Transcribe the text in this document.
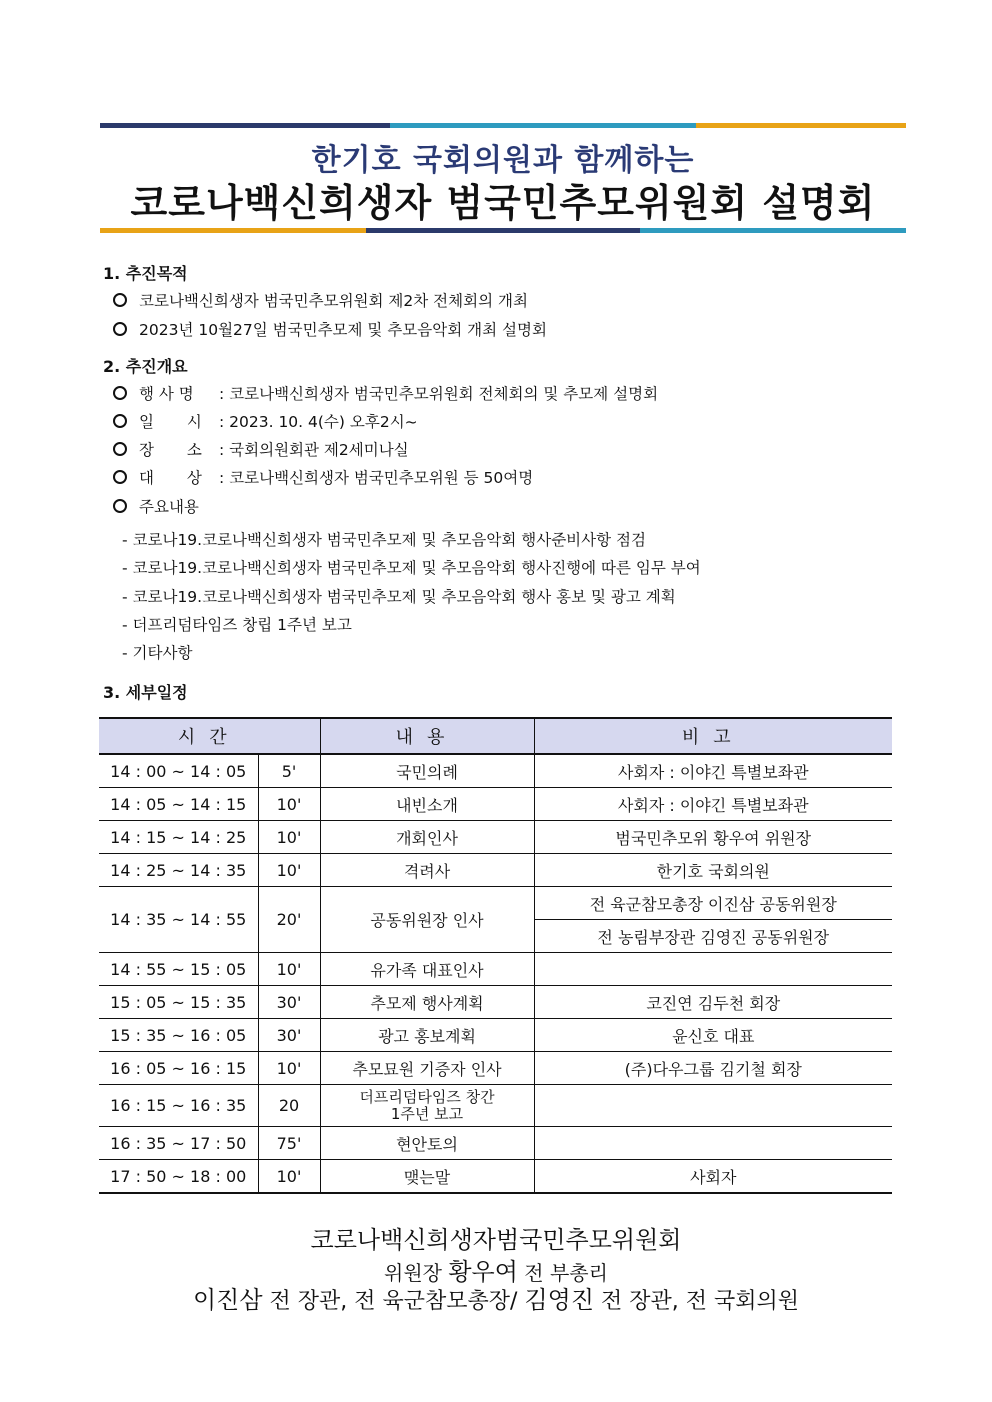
한기호 국회의원과 함께하는
코로나백신희생자 범국민추모위원회 설명회
1. 추진목적
코로나백신희생자 범국민추모위원회 제2차 전체회의 개최
2023년 10월27일 범국민추모제 및 추모음악회 개최 설명회
2. 추진개요
행 사 명 : 코로나백신희생자 범국민추모위원회 전체회의 및 추모제 설명회
일 시 : 2023. 10. 4(수) 오후2시~
장 소 : 국회의원회관 제2세미나실
대 상 : 코로나백신희생자 범국민추모위원 등 50여명
주요내용
- 코로나19.코로나백신희생자 범국민추모제 및 추모음악회 행사준비사항 점검
- 코로나19.코로나백신희생자 범국민추모제 및 추모음악회 행사진행에 따른 임무 부여
- 코로나19.코로나백신희생자 범국민추모제 및 추모음악회 행사 홍보 및 광고 계획
- 더프리덤타임즈 창립 1주년 보고
- 기타사항
3. 세부일정
시간		내용	비고
14 : 00 ~ 14 : 05	5'	국민의례	사회자 : 이야긴 특별보좌관
14 : 05 ~ 14 : 15	10'	내빈소개	사회자 : 이야긴 특별보좌관
14 : 15 ~ 14 : 25	10'	개회인사	범국민추모위 황우여 위원장
14 : 25 ~ 14 : 35	10'	격려사	한기호 국회의원
14 : 35 ~ 14 : 55	20'	공동위원장 인사	전 육군참모총장 이진삼 공동위원장
			전 농림부장관 김영진 공동위원장
14 : 55 ~ 15 : 05	10'	유가족 대표인사	
15 : 05 ~ 15 : 35	30'	추모제 행사계획	코진연 김두천 회장
15 : 35 ~ 16 : 05	30'	광고 홍보계획	윤신호 대표
16 : 05 ~ 16 : 15	10'	추모묘원 기증자 인사	(주)다우그룹 김기철 회장
16 : 15 ~ 16 : 35	20	더프리덤타임즈 창간
1주년 보고	

16 : 35 ~ 17 : 50	75'	현안토의	
17 : 50 ~ 18 : 00	10'	맺는말	사회자
코로나백신희생자범국민추모위원회
위원장 황우여 전 부총리
이진삼 전 장관, 전 육군참모총장/ 김영진 전 장관, 전 국회의원
